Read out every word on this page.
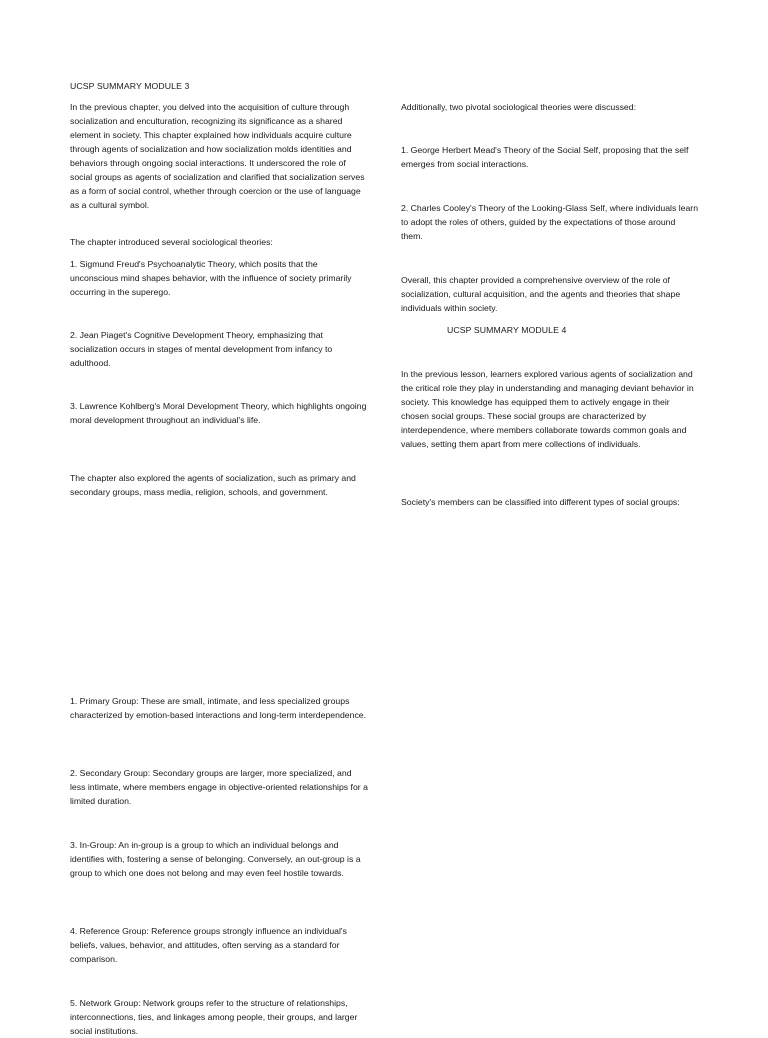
UCSP SUMMARY MODULE 3

In the previous chapter, you delved into the acquisition of culture through socialization and enculturation, recognizing its significance as a shared element in society. This chapter explained how individuals acquire culture through agents of socialization and how socialization molds identities and behaviors through ongoing social interactions. It underscored the role of social groups as agents of socialization and clarified that socialization serves as a form of social control, whether through coercion or the use of language as a cultural symbol.

The chapter introduced several sociological theories:

1. Sigmund Freud's Psychoanalytic Theory, which posits that the unconscious mind shapes behavior, with the influence of society primarily occurring in the superego.

2. Jean Piaget's Cognitive Development Theory, emphasizing that socialization occurs in stages of mental development from infancy to adulthood.

3. Lawrence Kohlberg's Moral Development Theory, which highlights ongoing moral development throughout an individual's life.

The chapter also explored the agents of socialization, such as primary and secondary groups, mass media, religion, schools, and government.

1. Primary Group: These are small, intimate, and less specialized groups characterized by emotion-based interactions and long-term interdependence.

2. Secondary Group: Secondary groups are larger, more specialized, and less intimate, where members engage in objective-oriented relationships for a limited duration.

3. In-Group: An in-group is a group to which an individual belongs and identifies with, fostering a sense of belonging. Conversely, an out-group is a group to which one does not belong and may even feel hostile towards.

4. Reference Group: Reference groups strongly influence an individual's beliefs, values, behavior, and attitudes, often serving as a standard for comparison.

5. Network Group: Network groups refer to the structure of relationships, interconnections, ties, and linkages among people, their groups, and larger social institutions.

Additionally, two pivotal sociological theories were discussed:

1. George Herbert Mead's Theory of the Social Self, proposing that the self emerges from social interactions.

2. Charles Cooley's Theory of the Looking-Glass Self, where individuals learn to adopt the roles of others, guided by the expectations of those around them.

Overall, this chapter provided a comprehensive overview of the role of socialization, cultural acquisition, and the agents and theories that shape individuals within society.

UCSP SUMMARY MODULE 4

In the previous lesson, learners explored various agents of socialization and the critical role they play in understanding and managing deviant behavior in society. This knowledge has equipped them to actively engage in their chosen social groups. These social groups are characterized by interdependence, where members collaborate towards common goals and values, setting them apart from mere collections of individuals.

Society's members can be classified into different types of social groups:
